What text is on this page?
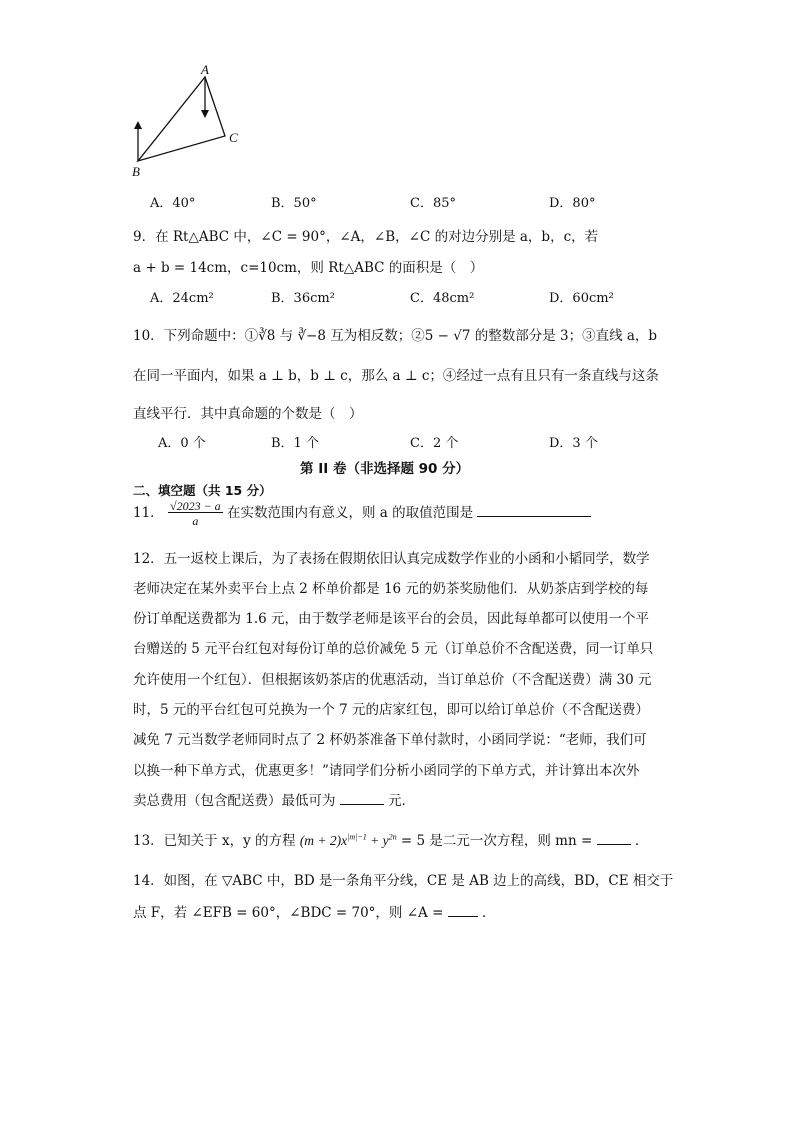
A
B
C
A．40°	B．50°	C．85°	D．80°
9．在 Rt△ABC 中，∠C = 90°，∠A，∠B，∠C 的对边分别是 a，b，c，若
a + b = 14cm，c=10cm，则 Rt△ABC 的面积是（　）
A．24cm²	B．36cm²	C．48cm²	D．60cm²
10．下列命题中：①∛8 与 ∛−8 互为相反数；②5 − √7 的整数部分是 3；③直线 a，b
在同一平面内，如果 a ⊥ b，b ⊥ c，那么 a ⊥ c；④经过一点有且只有一条直线与这条
直线平行．其中真命题的个数是（　）
A．0 个	B．1 个	C．2 个	D．3 个
第 II 卷（非选择题 90 分）
二、填空题（共 15 分）
11． $\frac{√2023 - a}{a}$ 在实数范围内有意义，则 a 的取值范围是
12．五一返校上课后，为了表扬在假期依旧认真完成数学作业的小函和小韬同学，数学
老师决定在某外卖平台上点 2 杯单价都是 16 元的奶茶奖励他们．从奶茶店到学校的每
份订单配送费都为 1.6 元，由于数学老师是该平台的会员，因此每单都可以使用一个平
台赠送的 5 元平台红包对每份订单的总价减免 5 元（订单总价不含配送费，同一订单只
允许使用一个红包）．但根据该奶茶店的优惠活动，当订单总价（不含配送费）满 30 元
时，5 元的平台红包可兑换为一个 7 元的店家红包，即可以给订单总价（不含配送费）
减免 7 元当数学老师同时点了 2 杯奶茶准备下单付款时，小函同学说：“老师，我们可
以换一种下单方式，优惠更多！”请同学们分析小函同学的下单方式，并计算出本次外
卖总费用（包含配送费）最低可为	元．
13．已知关于 x，y 的方程 $(m + 2)x^{|m|-1} + y^{2n} = 5$ 是二元一次方程，则 mn =	．
14．如图，在 ▽ABC 中，BD 是一条角平分线，CE 是 AB 边上的高线，BD，CE 相交于
点 F，若 ∠EFB = 60°，∠BDC = 70°，则 ∠A =	．
